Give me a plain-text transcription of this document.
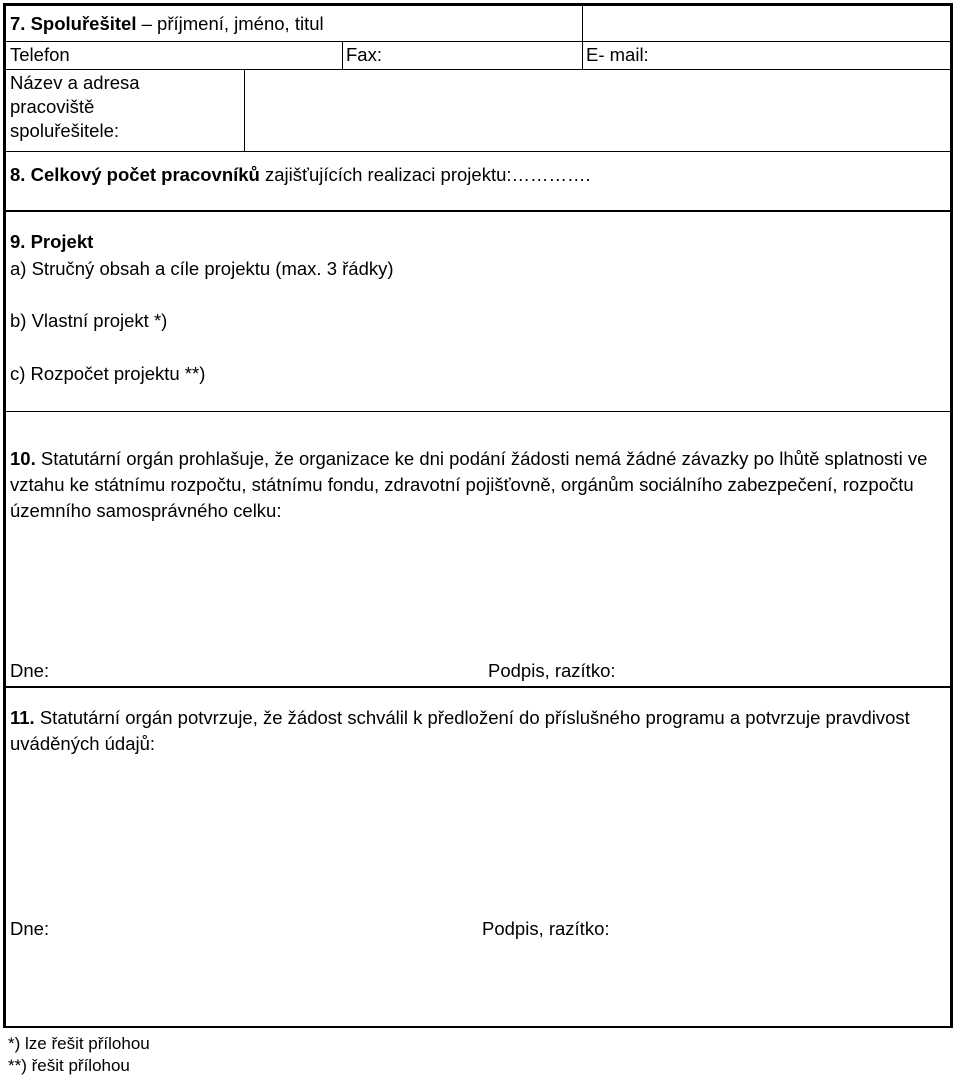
7. Spoluřešitel – příjmení, jméno, titul
Telefon	Fax:	E- mail:
Název a adresa
pracoviště
spoluřešitele:
8. Celkový počet pracovníků zajišťujících realizaci projektu:………….
9. Projekt
a) Stručný obsah a cíle projektu (max. 3 řádky)
b) Vlastní projekt *)
c) Rozpočet projektu **)
10. Statutární orgán prohlašuje, že organizace ke dni podání žádosti nemá žádné závazky po lhůtě splatnosti ve vztahu ke státnímu rozpočtu, státnímu fondu, zdravotní pojišťovně, orgánům sociálního zabezpečení, rozpočtu územního samosprávného celku:
Dne:	Podpis, razítko:
11. Statutární orgán potvrzuje, že žádost schválil k předložení do příslušného programu a potvrzuje pravdivost uváděných údajů:
Dne:	Podpis, razítko:
*) lze řešit přílohou
**) řešit přílohou
